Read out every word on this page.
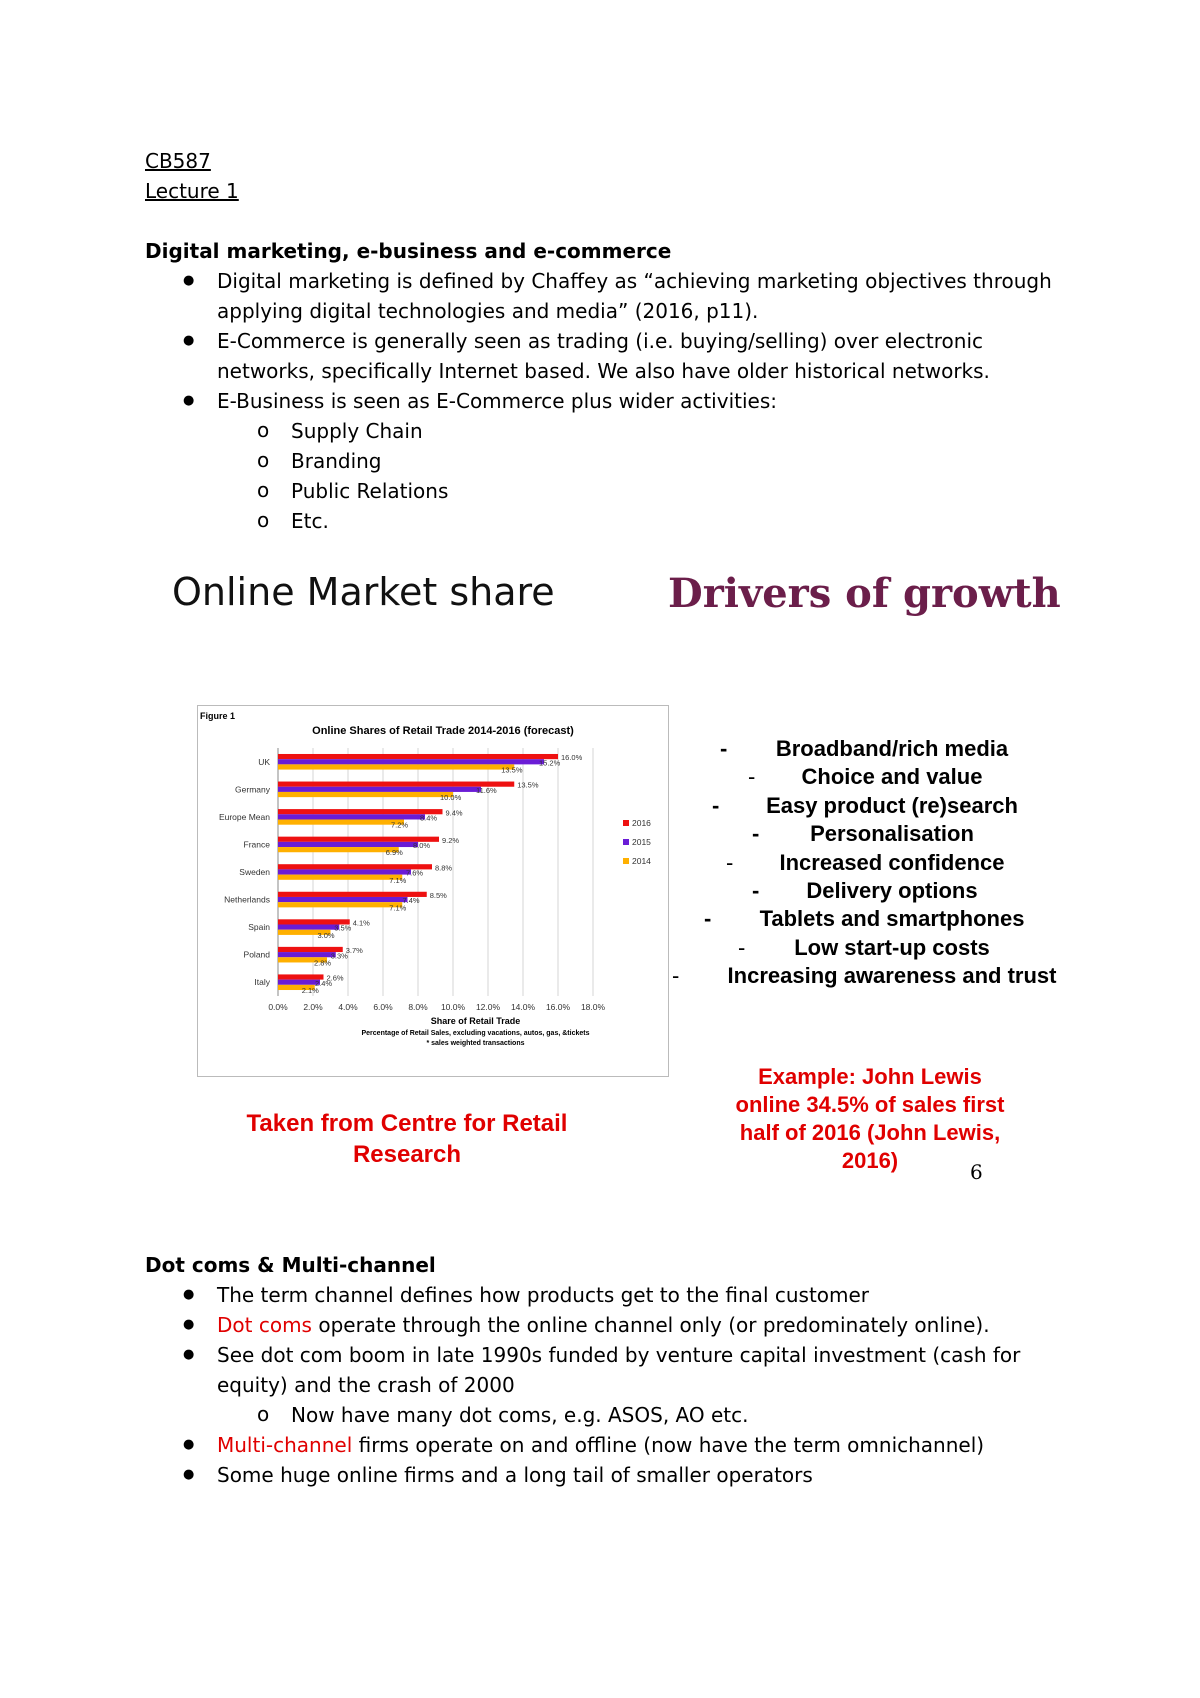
CB587
Lecture 1
Digital marketing, e-business and e-commerce
● Digital marketing is defined by Chaffey as “achieving marketing objectives through applying digital technologies and media” (2016, p11).
● E-Commerce is generally seen as trading (i.e. buying/selling) over electronic networks, specifically Internet based. We also have older historical networks.
● E-Business is seen as E-Commerce plus wider activities:
o Supply Chain
o Branding
o Public Relations
o Etc.
Online Market share	Drivers of growth
Figure 1
Online Shares of Retail Trade 2014-2016 (forecast)
0.0% 2.0% 4.0% 6.0% 8.0% 10.0% 12.0% 14.0% 16.0% 18.0%
UK	16.0%
15.2%
13.5%
Germany	13.5%
11.6%
10.0%
Europe Mean	9.4%
8.4%
7.2%
France	9.2%
8.0%
6.9%
Sweden	8.8%
7.6%
7.1%
Netherlands	8.5%
7.4%
7.1%
Spain	4.1%
3.5%
3.0%
Poland	3.7%
3.3%
2.8%
Italy	2.6%
2.4%
2.1%
2016
2015
2014
Share of Retail Trade
Percentage of Retail Sales, excluding vacations, autos, gas, &tickets
* sales weighted transactions
- Broadband/rich media
- Choice and value
- Easy product (re)search
- Personalisation
- Increased confidence
- Delivery options
- Tablets and smartphones
- Low start-up costs
- Increasing awareness and trust
Taken from Centre for Retail
Research
Example: John Lewis
online 34.5% of sales first
half of 2016 (John Lewis,
2016)	6
Dot coms & Multi-channel
● The term channel defines how products get to the final customer
● Dot coms operate through the online channel only (or predominately online).
● See dot com boom in late 1990s funded by venture capital investment (cash for equity) and the crash of 2000
o Now have many dot coms, e.g. ASOS, AO etc.
● Multi-channel firms operate on and offline (now have the term omnichannel)
● Some huge online firms and a long tail of smaller operators
